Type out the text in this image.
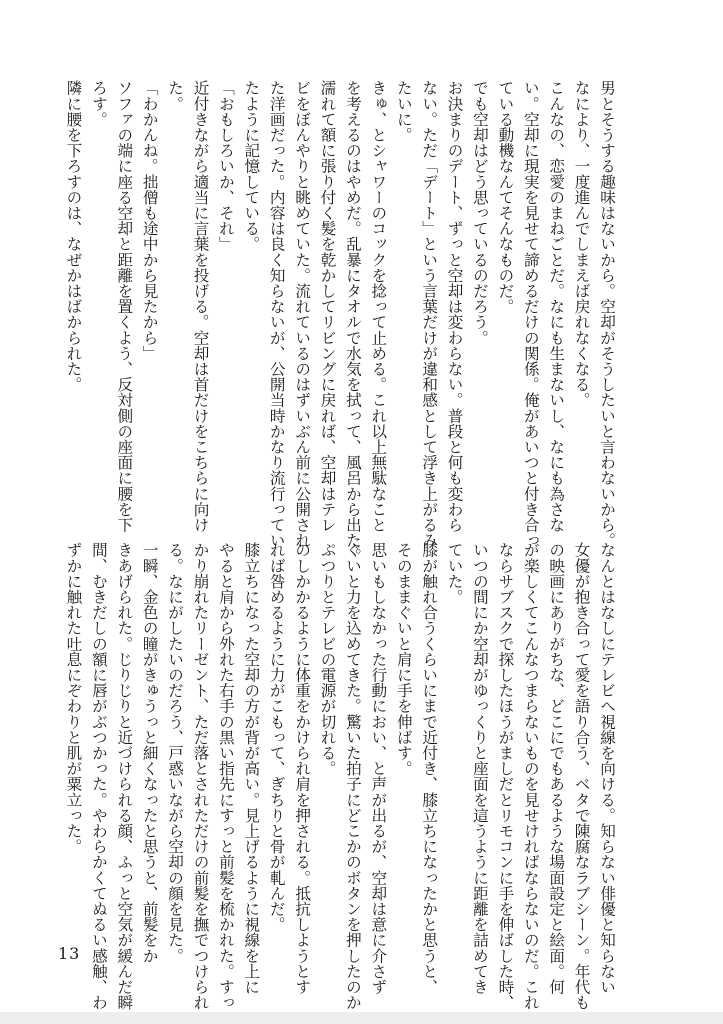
男とそうする趣味はないから。空却がそうしたいと言わないから。
なにより、一度進んでしまえば戻れなくなる。
こんなの、恋愛のまねごとだ。なにも生まないし、なにも為さな
い。空却に現実を見せて諦めるだけの関係。俺があいつと付き合っ
ている動機なんてそんなものだ。
でも空却はどう思っているのだろう。
お決まりのデート、ずっと空却は変わらない。普段と何も変わら
ない。ただ「デート」という言葉だけが違和感として浮き上がるみ
たいに。
きゅ、とシャワーのコックを捻って止める。これ以上無駄なこと
を考えるのはやめだ。乱暴にタオルで水気を拭って、風呂から出た。
濡れて額に張り付く髪を乾かしてリビングに戻れば、空却はテレ
ビをぼんやりと眺めていた。流れているのはずいぶん前に公開され
た洋画だった。内容は良く知らないが、公開当時かなり流行ってい
たように記憶している。
「おもしろいか、それ」
近付きながら適当に言葉を投げる。空却は首だけをこちらに向け
た。
「わかんね。拙僧も途中から見たから」
ソファの端に座る空却と距離を置くよう、反対側の座面に腰を下
ろす。
隣に腰を下ろすのは、なぜかはばかられた。
なんとはなしにテレビへ視線を向ける。知らない俳優と知らない
女優が抱き合って愛を語り合う、ベタで陳腐なラブシーン。年代も
の映画にありがちな、どこにでもあるような場面設定と絵面。何
が楽しくてこんなつまらないものを見せければならないのだ。これ
ならサブスクで探したほうがましだとリモコンに手を伸ばした時、
いつの間にか空却がゆっくりと座面を這うように距離を詰めてき
ていた。
膝が触れ合うくらいにまで近付き、膝立ちになったかと思うと、
そのままぐいと肩に手を伸ばす。
思いもしなかった行動におい、と声が出るが、空却は意に介さず
ぐいと力を込めてきた。驚いた拍子にどこかのボタンを押したのか
ぷつりとテレビの電源が切れる。
のしかかるように体重をかけられ肩を押される。抵抗しようとす
れば咎めるように力がこもって、ぎちりと骨が軋んだ。
膝立ちになった空却の方が背が高い。見上げるように視線を上に
やると肩から外れた右手の黒い指先にすっと前髪を梳かれた。すっ
かり崩れたリーゼント、ただ落とされただけの前髪を撫でつけられ
る。なにがしたいのだろう、戸惑いながら空却の顔を見た。
一瞬、金色の瞳がきゅうっと細くなったと思うと、前髪をか
きあげられた。じりじりと近づけられる顔、ふっと空気が緩んだ瞬
間、むきだしの額に唇がぶつかった。やわらかくてぬるい感触、わ
ずかに触れた吐息にぞわりと肌が粟立った。
13
